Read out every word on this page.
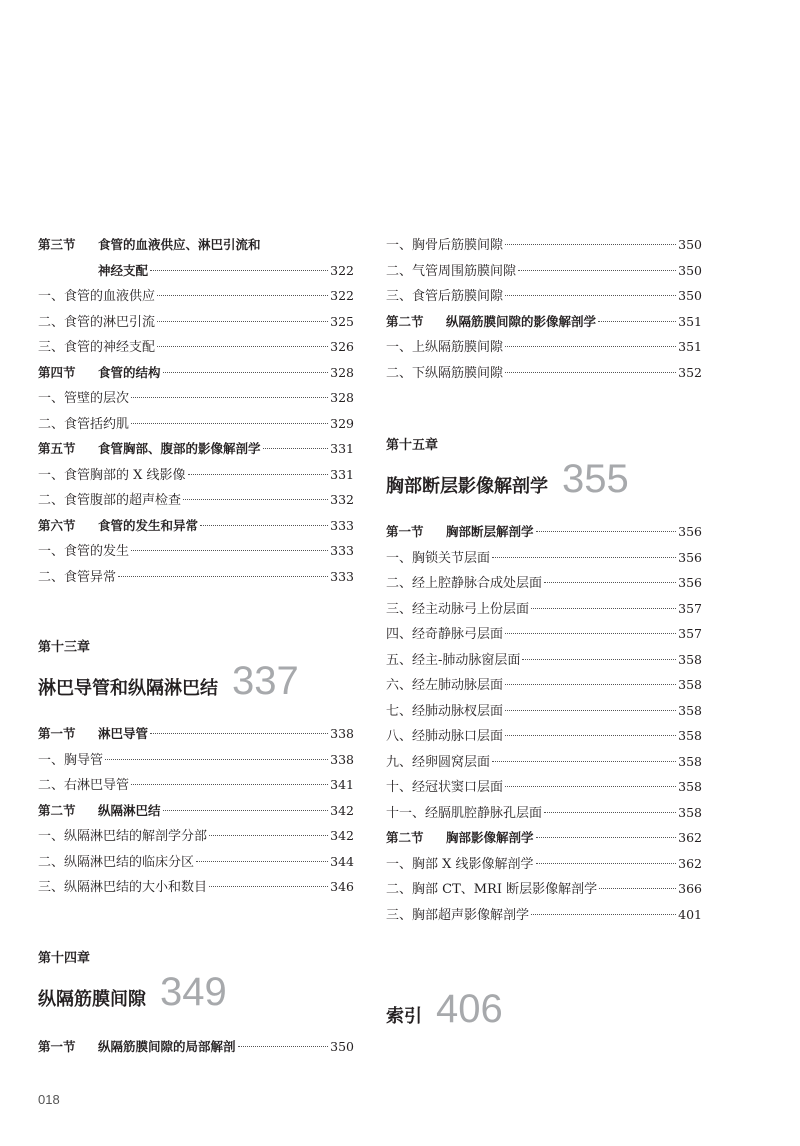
第三节 食管的血液供应、淋巴引流和
神经支配	322
一、食管的血液供应	322
二、食管的淋巴引流	325
三、食管的神经支配	326
第四节 食管的结构	328
一、管壁的层次	328
二、食管括约肌	329
第五节 食管胸部、腹部的影像解剖学	331
一、食管胸部的 X 线影像	331
二、食管腹部的超声检查	332
第六节 食管的发生和异常	333
一、食管的发生	333
二、食管异常	333
第十三章
淋巴导管和纵隔淋巴结 337
第一节 淋巴导管	338
一、胸导管	338
二、右淋巴导管	341
第二节 纵隔淋巴结	342
一、纵隔淋巴结的解剖学分部	342
二、纵隔淋巴结的临床分区	344
三、纵隔淋巴结的大小和数目	346
第十四章
纵隔筋膜间隙 349
第一节 纵隔筋膜间隙的局部解剖	350
一、胸骨后筋膜间隙	350
二、气管周围筋膜间隙	350
三、食管后筋膜间隙	350
第二节 纵隔筋膜间隙的影像解剖学	351
一、上纵隔筋膜间隙	351
二、下纵隔筋膜间隙	352
第十五章
胸部断层影像解剖学 355
第一节 胸部断层解剖学	356
一、胸锁关节层面	356
二、经上腔静脉合成处层面	356
三、经主动脉弓上份层面	357
四、经奇静脉弓层面	357
五、经主-肺动脉窗层面	358
六、经左肺动脉层面	358
七、经肺动脉杈层面	358
八、经肺动脉口层面	358
九、经卵圆窝层面	358
十、经冠状窦口层面	358
十一、经膈肌腔静脉孔层面	358
第二节 胸部影像解剖学	362
一、胸部 X 线影像解剖学	362
二、胸部 CT、MRI 断层影像解剖学	366
三、胸部超声影像解剖学	401
索引 406
018
